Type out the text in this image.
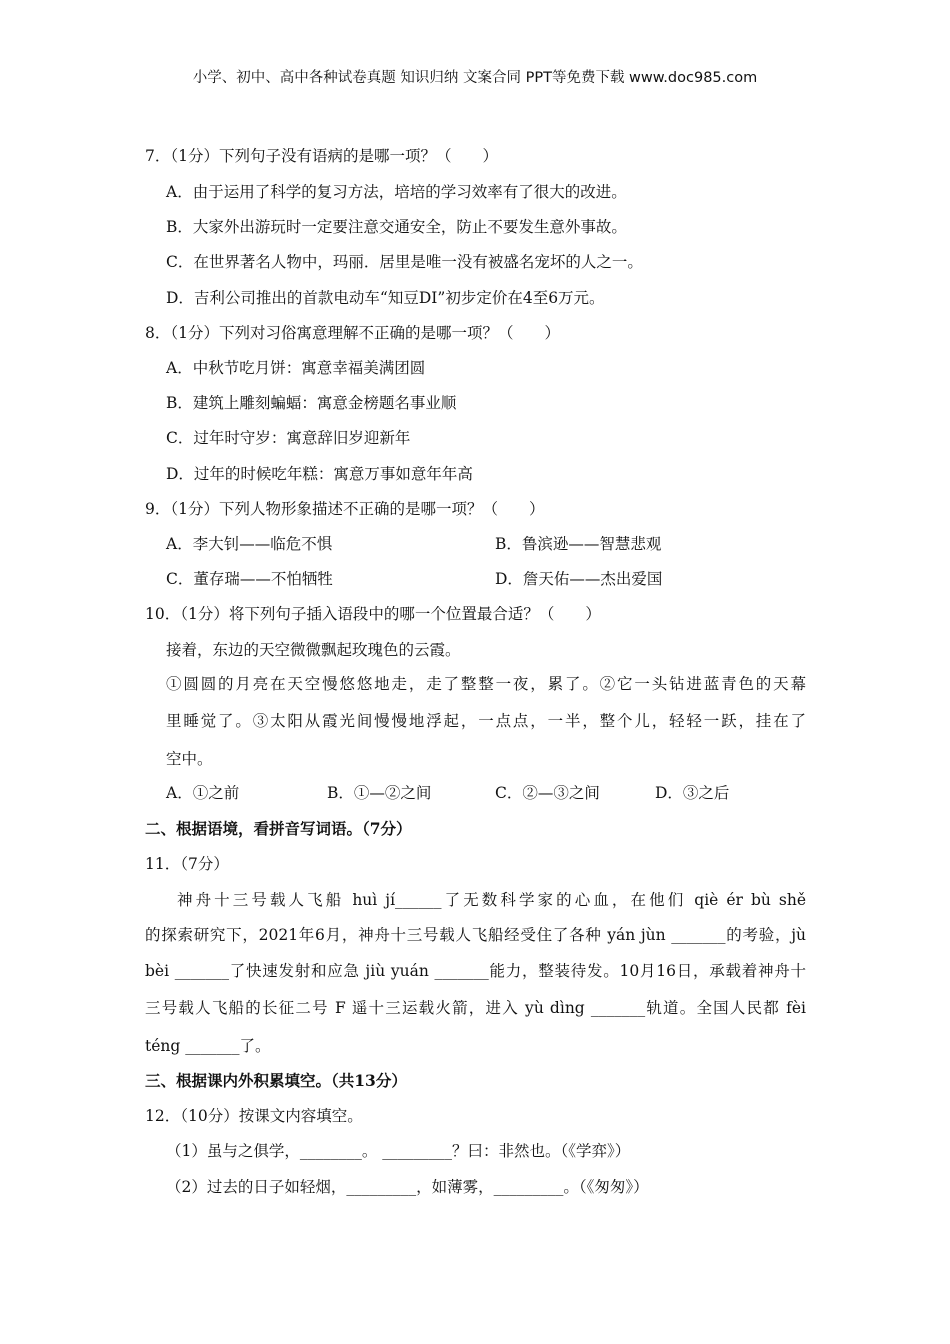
小学、初中、高中各种试卷真题 知识归纳 文案合同 PPT等免费下载 www.doc985.com
7．（1分）下列句子没有语病的是哪一项？（　　）
A．由于运用了科学的复习方法，培培的学习效率有了很大的改进。
B．大家外出游玩时一定要注意交通安全，防止不要发生意外事故。
C．在世界著名人物中，玛丽．居里是唯一没有被盛名宠坏的人之一。
D．吉利公司推出的首款电动车“知豆DI”初步定价在4至6万元。
8．（1分）下列对习俗寓意理解不正确的是哪一项？（　　）
A．中秋节吃月饼：寓意幸福美满团圆
B．建筑上雕刻蝙蝠：寓意金榜题名事业顺
C．过年时守岁：寓意辞旧岁迎新年
D．过年的时候吃年糕：寓意万事如意年年高
9．（1分）下列人物形象描述不正确的是哪一项？（　　）
A．李大钊——临危不惧	B．鲁滨逊——智慧悲观
C．董存瑞——不怕牺牲	D．詹天佑——杰出爱国
10．（1分）将下列句子插入语段中的哪一个位置最合适？（　　）
接着，东边的天空微微飘起玫瑰色的云霞。
①圆圆的月亮在天空慢悠悠地走，走了整整一夜，累了。②它一头钻进蓝青色的天幕
里睡觉了。③太阳从霞光间慢慢地浮起，一点点，一半，整个儿，轻轻一跃，挂在了
空中。
A．①之前	B．①—②之间	C．②—③之间	D．③之后
二、根据语境，看拼音写词语。（7分）
11．（7分）
神舟十三号载人飞船 huì jí______了无数科学家的心血，在他们 qiè ér bù shě
的探索研究下，2021年6月，神舟十三号载人飞船经受住了各种 yán jùn _______的考验，jù
bèi _______了快速发射和应急 jiù yuán _______能力，整装待发。10月16日，承载着神舟十
三号载人飞船的长征二号 F 遥十三运载火箭，进入 yù dìng _______轨道。全国人民都 fèi
téng _______了。
三、根据课内外积累填空。（共13分）
12．（10分）按课文内容填空。
（1）虽与之俱学，________。 _________？曰：非然也。（《学弈》）
（2）过去的日子如轻烟，_________，如薄雾，_________。（《匆匆》）
